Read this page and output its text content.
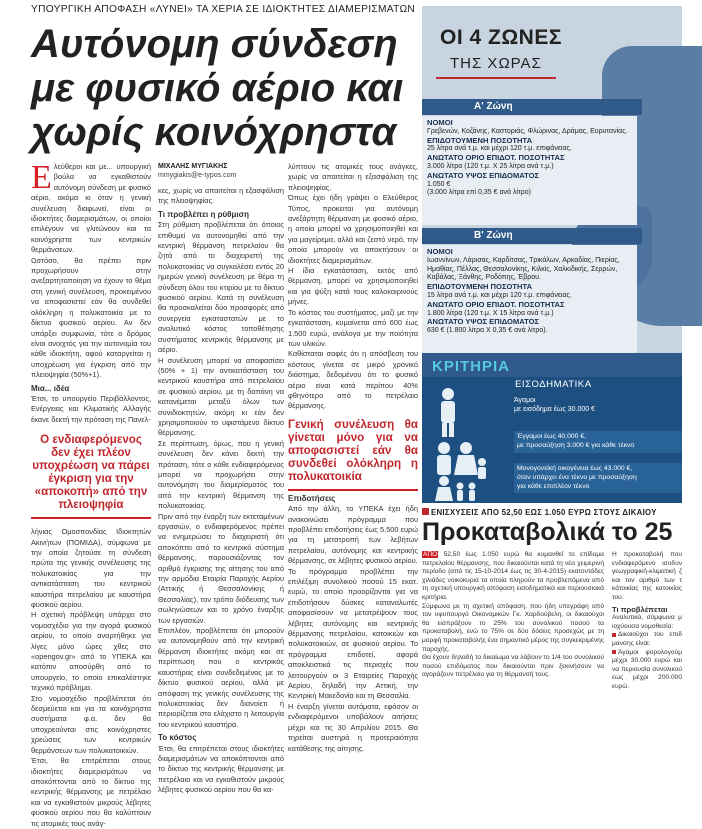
ΥΠΟΥΡΓΙΚΗ ΑΠΟΦΑΣΗ «ΛΥΝΕΙ» ΤΑ ΧΕΡΙΑ ΣΕ ΙΔΙΟΚΤΗΤΕΣ ΔΙΑΜΕΡΙΣΜΑΤΩΝ
Αυτόνομη σύνδεση
με φυσικό αέριο και
χωρίς κοινόχρηστα

Ελεύθεροι και με... υπουργική βούλα να εγκαθιστούν αυτόνομη σύνδεση με φυσικό αέριο, ακόμα κι όταν η γενική συνέλευση διαφωνεί, είναι οι ιδιοκτήτες διαμερισμάτων, οι οποίοι επιλέγουν να γλιτώνουν και τα κοινόχρηστα των κεντρικών θερμάνσεων.

Ωστόσο, θα πρέπει πριν προχωρήσουν στην ανεξαρτητοποίηση να έχουν το θέμα στη γενική συνέλευση, προκειμένου να αποφασιστεί εάν θα συνδεθεί ολόκληρη η πολυκατοικία με το δίκτυο φυσικού αερίου. Αν δεν υπάρξει συμφωνία, τότε ο δρόμος είναι ανοιχτός για την αυτονομία του κάθε ιδιοκτήτη, αφού καταργείται η υποχρέωση για έγκριση από την πλειοψηφία (50%+1).

Μια... ιδέα

Έτσι, το υπουργείο Περιβάλλοντος, Ενέργειας και Κλιματικής Αλλαγής έκανε δεκτή την πρόταση της Πανελ-

Ο ενδιαφερόμενος δεν έχει πλέον υποχρέωση να πάρει έγκριση για την «αποκοπή» από την πλειοψηφία

λήνιας Ομοσπονδίας Ιδιοκτητών Ακινήτων (ΠΟΜΙΔΑ), σύμφωνα με την οποία ζητούσε τη σύνδεση πρώτα της γενικής συνέλευσης της πολυκατοικίας για την αντικατάσταση του κεντρικού καυστήρα πετρελαίου με καυστήρα φυσικού αερίου.

Η σχετική πρόβλεψη υπάρχει στο νομοσχέδιο για την αγορά φυσικού αερίου, το οποίο αναρτήθηκε για λίγες μόνο ώρες χθες στο «opengov.gr» από το ΥΠΕΚΑ και κατόπιν αποσύρθη από το υπουργείο, το οποίο επικαλέστηκε τεχνικό πρόβλημα.

Στο νομοσχέδιο προβλέπεται ότι δεσμεύεται και για τα κοινόχρηστα συστήματα φ.α. δεν θα υποχρεούνται στις κοινόχρηστες χρεώσεις των κεντρικών θερμάνσεων των πολυκατοικιών.

Έτσι, θα επιτρέπεται στους ιδιοκτήτες διαμερισμάτων να αποκόπτονται από το δίκτυο της κεντρικής θέρμανσης με πετρέλαιο και να εγκαθιστούν μικρούς λέβητες φυσικού αερίου που θα καλύπτουν τις ατομικές τους ανάγ-

ΜΙΧΑΛΗΣ ΜΥΓΙΑΚΗΣ
mmygiakis@e-typos.com

κες, χωρίς να απαιτείται η εξασφάλιση της πλειοψηφίας.

Τι προβλέπει η ρύθμιση

Στη ρύθμιση προβλέπεται ότι όποιος επιθυμεί να αυτονομηθεί από την κεντρική θέρμανση πετρελαίου θα ζητά από το διαχειριστή της πολυκατοικίας να συγκαλέσει εντός 20 ημερών γενική συνέλευση με θέμα τη σύνδεση όλου του κτιρίου με το δίκτυο φυσικού αερίου. Κατά τη συνέλευση θα προσκαλείται δύο προσφορές από συνεργεία εγκαταστατών με το αναλυτικό κόστος τοποθέτησης συστήματος κεντρικής θέρμανσης με αέριο.

Η συνέλευση μπορεί να αποφασίσει (50% + 1) την αντικατάσταση του κεντρικού καυστήρα από πετρελαίου σε φυσικού αερίου, με τη δαπάνη να κατανέμεται μεταξύ όλων των συνιδιοκτητών, ακόμη κι εάν δεν χρησιμοποιούν το υφιστάμενο δίκτυο θέρμανσης.

Σε περίπτωση, όμως, που η γενική συνέλευση δεν κάνει δεκτή την πρόταση, τότε ο κάθε ενδιαφερόμενος μπορεί να προχωρήσει στην αυτονόμηση του διαμερίσματός του από την κεντρική θέρμανση της πολυκατοικίας.

Πριν από την έναρξη των εκτεταμένων εργασιών, ο ενδιαφερόμενος πρέπει να ενημερώσει το διαχειριστή ότι αποκόπτει από το κεντρικό σύστημα θέρμανσης, παρουσιάζοντας τον αριθμό έγκρισης της αίτησης του από την αρμόδια Εταιρία Παροχής Αερίου (Αττικής ή Θεσσαλονίκης ή Θεσσαλίας), τον τρόπο διόδευσης των σωληνώσεων και το χρόνο έναρξης των εργασιών.

Επιπλέον, προβλέπεται ότι μπορούν να αυτονομηθούν από την κεντρική θέρμανση ιδιοκτήτες ακόμη και σε περίπτωση που ο κεντρικός καυστήρας είναι συνδεδεμένος με το δίκτυο φυσικού αερίου, αλλά με απόφαση της γενικής συνέλευσης της πολυκατοικίας δεν διανοίετι ή περιορίζεται στο ελάχιστο η λειτουργία του κεντρικού καυστήρα.

Το κόστος

Έτσι, θα επιτρέπεται στους ιδιοκτήτες διαμερισμάτων να αποκόπτονται από το δίκτυο της κεντρικής θέρμανσης με πετρέλαιο και να εγκαθιστούν μικρούς λέβητες φυσικού αερίου που θα κα-

λύπτουν τις ατομικές τους ανάγκες, χωρίς να απαιτείται η εξασφάλιση της πλειοψηφίας.

Όπως έχει ήδη γράψει ο Ελεύθερος Τύπος, προκειται για αυτόνομη ανεξάρτητη θέρμανση με φυσικό αέριο, η οποία μπορεί να χρησιμοποιηθεί και για μαγείρεμα, αλλά και ζεστό νερό, την οποία μπορούν να αποκτήσουν οι ιδιοκτήτες διαμερισμάτων.

Η ίδια εγκατάσταση, εκτός από θέρμανση, μπορεί να χρησιμοποιηθεί και για ψύξη κατά τους καλοκαιρινούς μήνες.

Το κόστος του συστήματος, μαζί με την εγκατάσταση, κυμαίνεται από 600 έως 1.500 ευρώ, ανάλογα με την ποιότητα των υλικών.

Καθίσταται σαφές ότι η απόσβεση του κόστους γίνεται σε μικρό χρονικό διάστημα, δεδομένου ότι το φυσικό αέριο είναι κατά περίπου 40% φθηνότερο από το πετρέλαιο θέρμανσης.

Γενική συνέλευση θα γίνεται μόνο για να αποφασιστεί εάν θα συνδεθεί ολόκληρη η πολυκατοικία

Επιδοτήσεις

Από την άλλη, το ΥΠΕΚΑ έχει ήδη ανακοινώσει πρόγραμμα που προβλέπει επιδοτήσεις έως 5.500 ευρώ για τη μετατροπή των λεβήτων πετρελαίου, αυτόνομης και κεντρικής θέρμανσης, σε λέβητες φυσικού αερίου.

Το πρόγραμμα προβλέπει την επιλέξιμη συνολικού ποσού 15 εκατ. ευρώ, το οποίο προορίζονται για να επιδοτήσουν δύσκες καταναλωτές αποφασίσουν να μετατρέψουν τους λέβητες αυτόνομης και κεντρικής θέρμανσης πετρελαίου, κατοικιών και πολυκατοικιών, σε φυσικού αερίου. Το πρόγραμμα επιδοτεί, αφορά αποκλειστικά τις περιοχές που λειτουργούν οι 3 Εταιρείες Παροχής Αερίου, δηλαδή την Αττική, την Κεντρική Μακεδονία και τη Θεσσαλία.

Η έναρξη γίνεται αυτόματα, εφόσον οι ενδιαφερόμενοι υποβάλουν αιτήσεις μέχρι και τις 30 Απριλίου 2015. Θα τηρείται αυστηρά η προτεραιότητα κατάθεσης της αίτησης.

ΟΙ 4 ΖΩΝΕΣ
ΤΗΣ ΧΩΡΑΣ
Α' Ζώνη
ΝΟΜΟΙ
Γρεβενών, Κοζάνης, Καστοριάς, Φλώρινας, Δράμας, Ευρυτανίας.
ΕΠΙΔΟΤΟΥΜΕΝΗ ΠΟΣΟΤΗΤΑ
25 λίτρα ανά τ.μ. και μέχρι 120 τ.μ. επιφάνειας.
ΑΝΩΤΑΤΟ ΟΡΙΟ ΕΠΙΔΟΤ. ΠΟΣΟΤΗΤΑΣ
3.000 λίτρα (120 τ.μ. Χ 25 λίτρα ανά τ.μ.)
ΑΝΩΤΑΤΟ ΥΨΟΣ ΕΠΙΔΟΜΑΤΟΣ
1.050 €
(3.000 λίτρα επί 0,35 € ανά λίτρο)
Β' Ζώνη
ΝΟΜΟΙ
Ιωαννίνων, Λάρισας, Καρδίτσας, Τρικάλων, Αρκαδίας, Πιερίας, Ημαθίας, Πέλλας, Θεσσαλονίκης, Κιλκίς, Χαλκιδικής, Σερρών, Καβάλας, Ξάνθης, Ροδόπης, Έβρου.
ΕΠΙΔΟΤΟΥΜΕΝΗ ΠΟΣΟΤΗΤΑ
15 λίτρα ανά τ.μ. και μέχρι 120 τ.μ. επιφάνειας.
ΑΝΩΤΑΤΟ ΟΡΙΟ ΕΠΙΔΟΤ. ΠΟΣΟΤΗΤΑΣ
1.800 λίτρα (120 τ.μ. Χ 15 λίτρα ανά τ.μ.)
ΑΝΩΤΑΤΟ ΥΨΟΣ ΕΠΙΔΟΜΑΤΟΣ
630 € (1.800 λίτρα Χ 0,35 € ανά λίτρο).
ΚΡΙΤΗΡΙΑ
ΕΙΣΟΔΗΜΑΤΙΚΑ
Άγαμοι
με εισόδημα έως 30.000 €
Έγγαμοι έως 40.000 €,
με προσαύξηση 3.000 € για κάθε τέκνο
Μονογονεϊκή οικογένεια έως 43.000 €,
όταν υπάρχει ένα τέκνο με προσαύξηση
για κάθε επιπλέον τέκνο
ΕΝΙΣΧΥΣΕΙΣ ΑΠΟ 52,50 ΕΩΣ 1.050 ΕΥΡΩ ΣΤΟΥΣ ΔΙΚΑΙΟΥ
Προκαταβολικά το 25

ΑΠΟ 52,50 έως 1.050 ευρώ θα κυμανθεί το επίδομα πετρελαίου θέρμανσης, που δικαιούνται κατά τη νέα χειμερινή περίοδο (από τις 15-10-2014 έως τις 30-4-2015) εκατοντάδες χιλιάδες νοικοκυριά τα οποία πληρούν τα προβλεπόμενα από τη σχετική υπουργική απόφαση εισοδηματικά και περιουσιακά κριτήρια.

Σύμφωνα με τη σχετική απόφαση, που ήδη υπεγράφη από τον υφυπουργό Οικονομικών Γκ. Χαρδούβελη, οι δικαιούχοι θα εισπράξουν το 25% του συνολικού ποσού τα προκαταβολή, ενώ το 75% σε δύο δόσεις προσεχώς με τη μορφή προκαταβολής ένα σημαντικό μέρος της συγκεκριμένης παροχής.

Θα έχουν δηλαδή το δικαίωμα να λάβουν το 1/4 του συνολικού ποσού επιδόματος που δικαιούνται πριν ξεκινήσουν να αγοράζουν πετρέλαιο για τη θέρμανσή τους.

Η προκαταβολή που ενδιαφερόμενο ισοδυν γεωγραφική-κλιματική ζ και τον αριθμό των τ κάτοικίας της κατοικίας του.

Τι προβλέπεται

Αναλυτικά, σύμφωνα μ ιοχύουσα νομοθεσία:

Δικαιούχοι του επιδ μανσης είναι:

Άγαμοι φορολογούμ μέχρι 30.000 ευρώ και να περιουσία συνολικού εως μέχρι 200.000 ευρώ.
